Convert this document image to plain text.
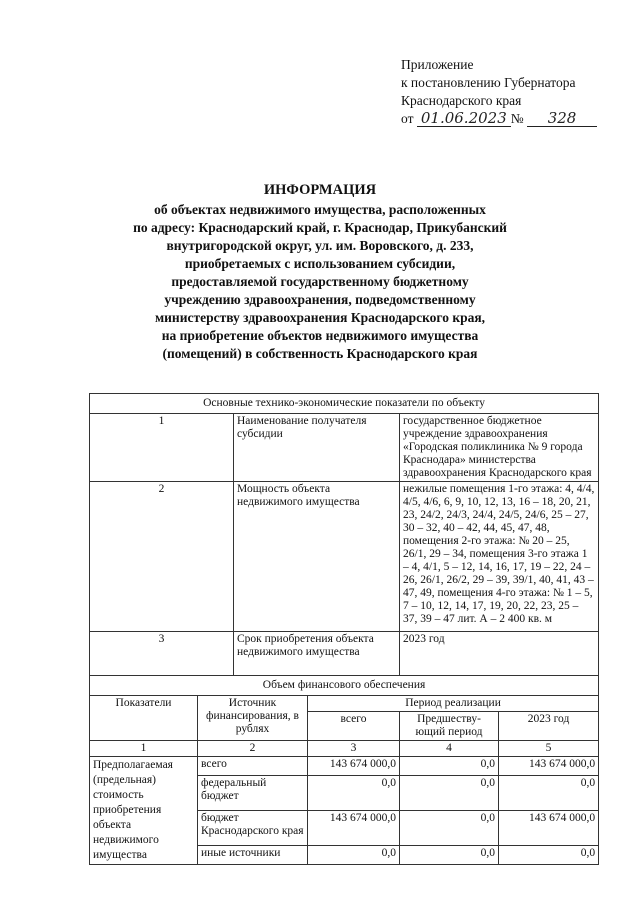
Приложение
к постановлению Губернатора
Краснодарского края
от 01.06.2023 № 328
ИНФОРМАЦИЯ
об объектах недвижимого имущества, расположенных
по адресу: Краснодарский край, г. Краснодар, Прикубанский
внутригородской округ, ул. им. Воровского, д. 233,
приобретаемых с использованием субсидии,
предоставляемой государственному бюджетному
учреждению здравоохранения, подведомственному
министерству здравоохранения Краснодарского края,
на приобретение объектов недвижимого имущества
(помещений) в собственность Краснодарского края
Основные технико-экономические показатели по объекту					
1		Наименование получателя субсидии		государственное бюджетное учреждение здравоохранения «Городская поликлиника № 9 города Краснодара» министерства здравоохранения Краснодарского края	
2		Мощность объекта недвижимого имущества		нежилые помещения 1-го этажа: 4, 4/4, 4/5, 4/6, 6, 9, 10, 12, 13, 16 – 18, 20, 21, 23, 24/2, 24/3, 24/4, 24/5, 24/6, 25 – 27, 30 – 32, 40 – 42, 44, 45, 47, 48, помещения 2-го этажа: № 20 – 25, 26/1, 29 – 34, помещения 3-го этажа 1 – 4, 4/1, 5 – 12, 14, 16, 17, 19 – 22, 24 – 26, 26/1, 26/2, 29 – 39, 39/1, 40, 41, 43 – 47, 49, помещения 4-го этажа: № 1 – 5, 7 – 10, 12, 14, 17, 19, 20, 22, 23, 25 – 37, 39 – 47 лит. А – 2 400 кв. м	
3		Срок приобретения объекта недвижимого имущества		2023 год	
Объем финансового обеспечения					
Показатели	Источник финансирования, в рублях		Период реализации		
			всего	Предшеству-ющий период	2023 год
1	2		3	4	5
Предполагаемая (предельная) стоимость приобретения объекта недвижимого имущества	всего		143 674 000,0	0,0	143 674 000,0
	федеральный бюджет		0,0	0,0	0,0
	бюджет Краснодарского края		143 674 000,0	0,0	143 674 000,0
	иные источники		0,0	0,0	0,0
